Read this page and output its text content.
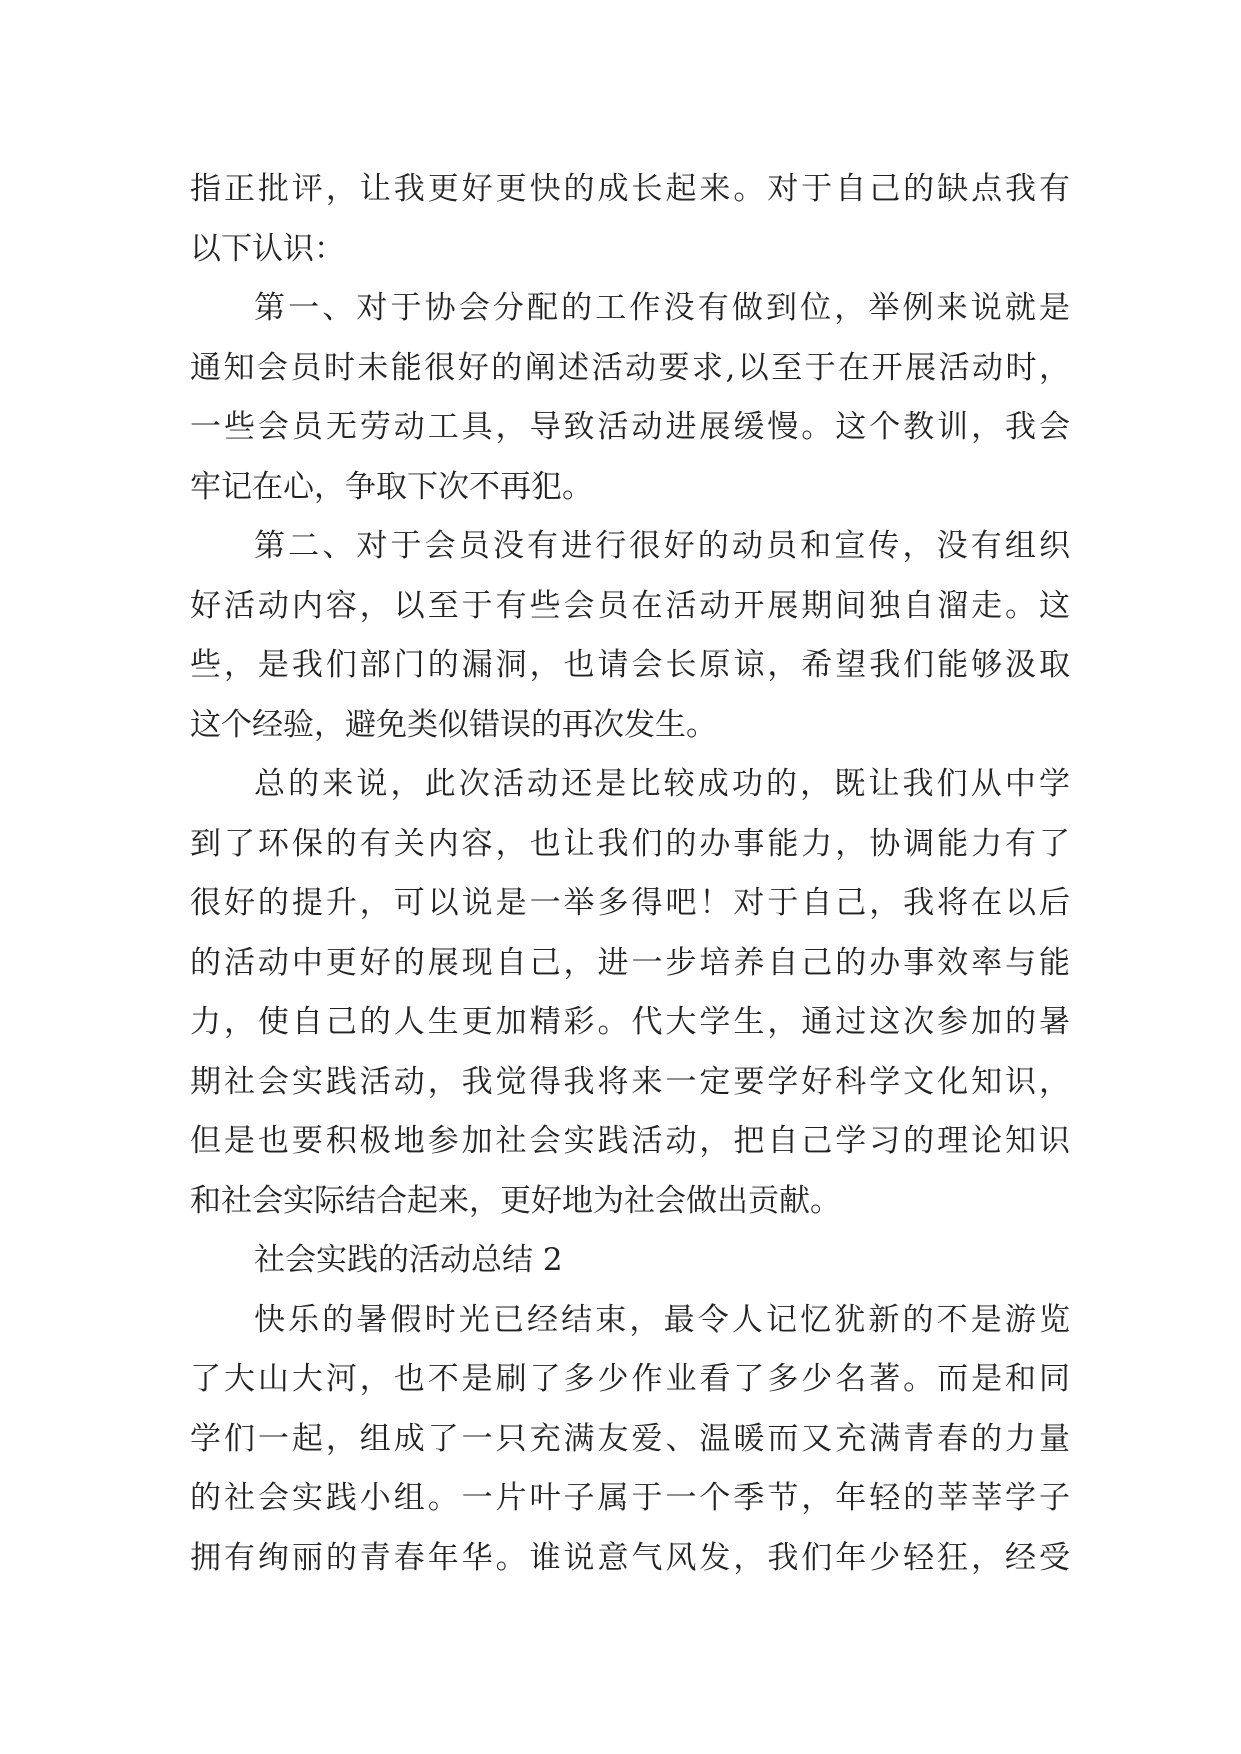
指正批评，让我更好更快的成长起来。对于自己的缺点我有
以下认识：
第一、对于协会分配的工作没有做到位，举例来说就是
通知会员时未能很好的阐述活动要求,以至于在开展活动时，
一些会员无劳动工具，导致活动进展缓慢。这个教训，我会
牢记在心，争取下次不再犯。
第二、对于会员没有进行很好的动员和宣传，没有组织
好活动内容，以至于有些会员在活动开展期间独自溜走。这
些，是我们部门的漏洞，也请会长原谅，希望我们能够汲取
这个经验，避免类似错误的再次发生。
总的来说，此次活动还是比较成功的，既让我们从中学
到了环保的有关内容，也让我们的办事能力，协调能力有了
很好的提升，可以说是一举多得吧！对于自己，我将在以后
的活动中更好的展现自己，进一步培养自己的办事效率与能
力，使自己的人生更加精彩。代大学生，通过这次参加的暑
期社会实践活动，我觉得我将来一定要学好科学文化知识，
但是也要积极地参加社会实践活动，把自己学习的理论知识
和社会实际结合起来，更好地为社会做出贡献。
社会实践的活动总结 2
快乐的暑假时光已经结束，最令人记忆犹新的不是游览
了大山大河，也不是刷了多少作业看了多少名著。而是和同
学们一起，组成了一只充满友爱、温暖而又充满青春的力量
的社会实践小组。一片叶子属于一个季节，年轻的莘莘学子
拥有绚丽的青春年华。谁说意气风发，我们年少轻狂，经受
